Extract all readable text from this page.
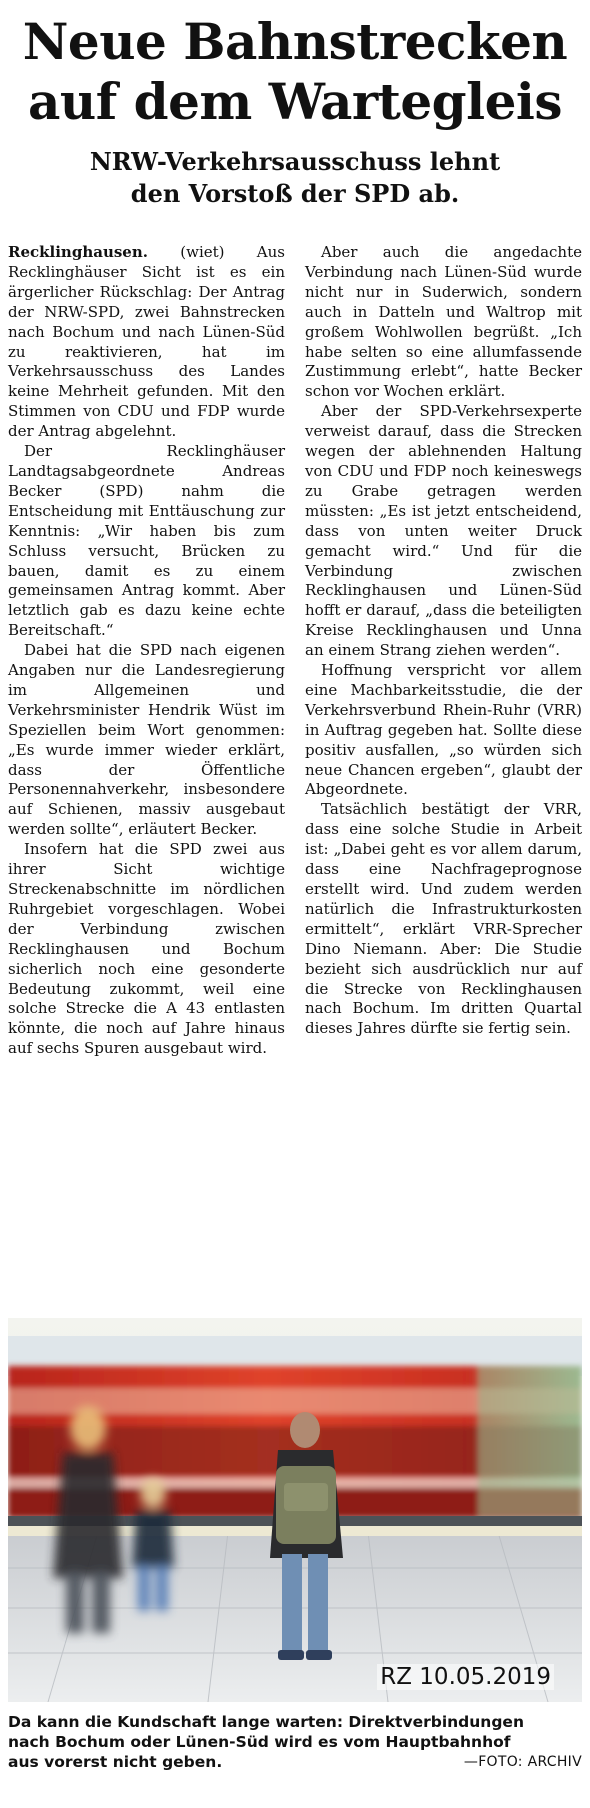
Neue Bahnstrecken
auf dem Wartegleis
NRW-Verkehrsausschuss lehnt
den Vorstoß der SPD ab.

Recklinghausen. (wiet) Aus Recklinghäuser Sicht ist es ein ärgerlicher Rückschlag: Der Antrag der NRW-SPD, zwei Bahnstrecken nach Bochum und nach Lünen-Süd zu reaktivieren, hat im Verkehrsausschuss des Landes keine Mehrheit gefunden. Mit den Stimmen von CDU und FDP wurde der Antrag abgelehnt.

Der Recklinghäuser Landtagsabgeordnete Andreas Becker (SPD) nahm die Entscheidung mit Enttäuschung zur Kenntnis: „Wir haben bis zum Schluss versucht, Brücken zu bauen, damit es zu einem gemeinsamen Antrag kommt. Aber letztlich gab es dazu keine echte Bereitschaft.“

Dabei hat die SPD nach eigenen Angaben nur die Landesregierung im Allgemeinen und Verkehrsminister Hendrik Wüst im Speziellen beim Wort genommen: „Es wurde immer wieder erklärt, dass der Öffentliche Personennahverkehr, insbesondere auf Schienen, massiv ausgebaut werden sollte“, erläutert Becker.

Insofern hat die SPD zwei aus ihrer Sicht wichtige Streckenabschnitte im nördlichen Ruhrgebiet vorgeschlagen. Wobei der Verbindung zwischen Recklinghausen und Bochum sicherlich noch eine gesonderte Bedeutung zukommt, weil eine solche Strecke die A 43 entlasten könnte, die noch auf Jahre hinaus auf sechs Spuren ausgebaut wird.

Aber auch die angedachte Verbindung nach Lünen-Süd wurde nicht nur in Suderwich, sondern auch in Datteln und Waltrop mit großem Wohlwollen begrüßt. „Ich habe selten so eine allumfassende Zustimmung erlebt“, hatte Becker schon vor Wochen erklärt.

Aber der SPD-Verkehrsexperte verweist darauf, dass die Strecken wegen der ablehnenden Haltung von CDU und FDP noch keineswegs zu Grabe getragen werden müssten: „Es ist jetzt entscheidend, dass von unten weiter Druck gemacht wird.“ Und für die Verbindung zwischen Recklinghausen und Lünen-Süd hofft er darauf, „dass die beteiligten Kreise Recklinghausen und Unna an einem Strang ziehen werden“.

Hoffnung verspricht vor allem eine Machbarkeitsstudie, die der Verkehrsverbund Rhein-Ruhr (VRR) in Auftrag gegeben hat. Sollte diese positiv ausfallen, „so würden sich neue Chancen ergeben“, glaubt der Abgeordnete.

Tatsächlich bestätigt der VRR, dass eine solche Studie in Arbeit ist: „Dabei geht es vor allem darum, dass eine Nachfrageprognose erstellt wird. Und zudem werden natürlich die Infrastrukturkosten ermittelt“, erklärt VRR-Sprecher Dino Niemann. Aber: Die Studie bezieht sich ausdrücklich nur auf die Strecke von Recklinghausen nach Bochum. Im dritten Quartal dieses Jahres dürfte sie fertig sein.

RZ 10.05.2019
Da kann die Kundschaft lange warten: Direktverbindungen
nach Bochum oder Lünen-Süd wird es vom Hauptbahnhof
aus vorerst nicht geben.	—FOTO: ARCHIV
